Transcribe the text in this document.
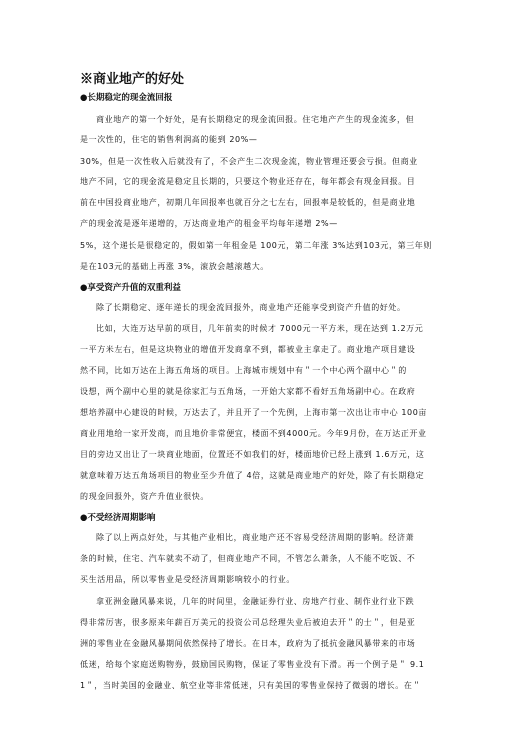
※商业地产的好处
●长期稳定的现金流回报
商业地产的第一个好处，是有长期稳定的现金流回报。住宅地产产生的现金流多，但
是一次性的，住宅的销售利润高的能到 20%—
30%，但是一次性收入后就没有了，不会产生二次现金流，物业管理还要会亏损。但商业
地产不同，它的现金流是稳定且长期的，只要这个物业还存在，每年都会有现金回报。目
前在中国投商业地产，初期几年回报率也就百分之七左右，回报率是较低的，但是商业地
产的现金流是逐年递增的，万达商业地产的租金平均每年递增 2%—
5%，这个递长是很稳定的，假如第一年租金是 100元，第二年涨 3%达到103元，第三年则
是在103元的基础上再涨 3%，滚放会越滚越大。
●享受资产升值的双重利益
除了长期稳定、逐年递长的现金流回报外，商业地产还能享受到资产升值的好处。
比如，大连万达早前的项目，几年前卖的时候才 7000元一平方米，现在达到 1.2万元
一平方米左右，但是这块物业的增值开发商拿不到，都被业主拿走了。商业地产项目建设
然不同，比如万达在上海五角场的项目。上海城市规划中有＂一个中心两个副中心＂的
设想，两个副中心里的就是徐家汇与五角场，一开始大家都不看好五角场副中心。在政府
想培养副中心建设的时候，万达去了，并且开了一个先例，上海市第一次出让市中心 100亩
商业用地给一家开发商，而且地价非常便宜，楼面不到4000元。今年9月份，在万达正开业
目的旁边又出让了一块商业地面，位置还不如我们的好，楼面地价已经上涨到 1.6万元，这
就意味着万达五角场项目的物业至少升值了 4倍，这就是商业地产的好处，除了有长期稳定
的现金回报外，资产升值业很快。
●不受经济周期影响
除了以上两点好处，与其他产业相比，商业地产还不容易受经济周期的影响。经济萧
条的时候，住宅、汽车就卖不动了，但商业地产不同，不管怎么萧条，人不能不吃饭、不
买生活用品，所以零售业是受经济周期影响较小的行业。
拿亚洲金融风暴来说，几年的时间里，金融证券行业、房地产行业、制作业行业下跌
得非常厉害，很多原来年薪百万美元的投资公司总经理失业后被迫去开＂的士＂，但是亚
洲的零售业在金融风暴期间依然保持了增长。在日本，政府为了抵抗金融风暴带来的市场
低迷，给每个家庭送购物券，鼓励国民购物，保证了零售业没有下滑。再一个例子是＂ 9.1
1＂，当时美国的金融业、航空业等非常低迷，只有美国的零售业保持了微弱的增长。在＂
